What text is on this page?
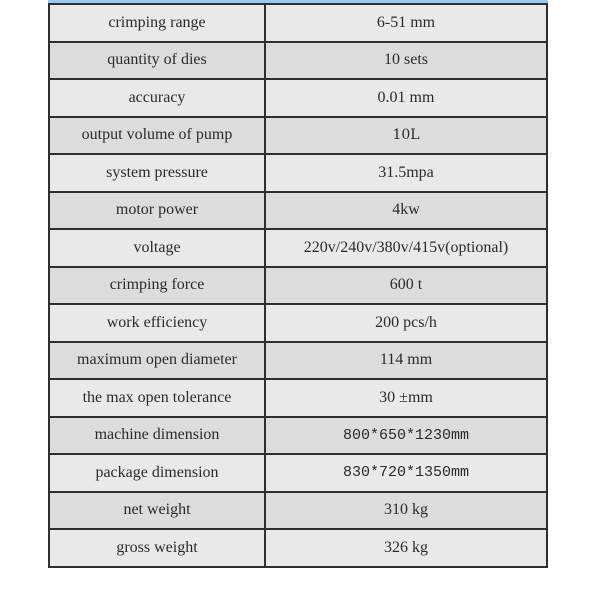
crimping range	6-51 mm
quantity of dies	10 sets
accuracy	0.01 mm
output volume of pump	10L
system pressure	31.5mpa
motor power	4kw
voltage	220v/240v/380v/415v(optional)
crimping force	600 t
work efficiency	200 pcs/h
maximum open diameter	114 mm
the max open tolerance	30 ±mm
machine dimension	800*650*1230mm
package dimension	830*720*1350mm
net weight	310 kg
gross weight	326 kg
